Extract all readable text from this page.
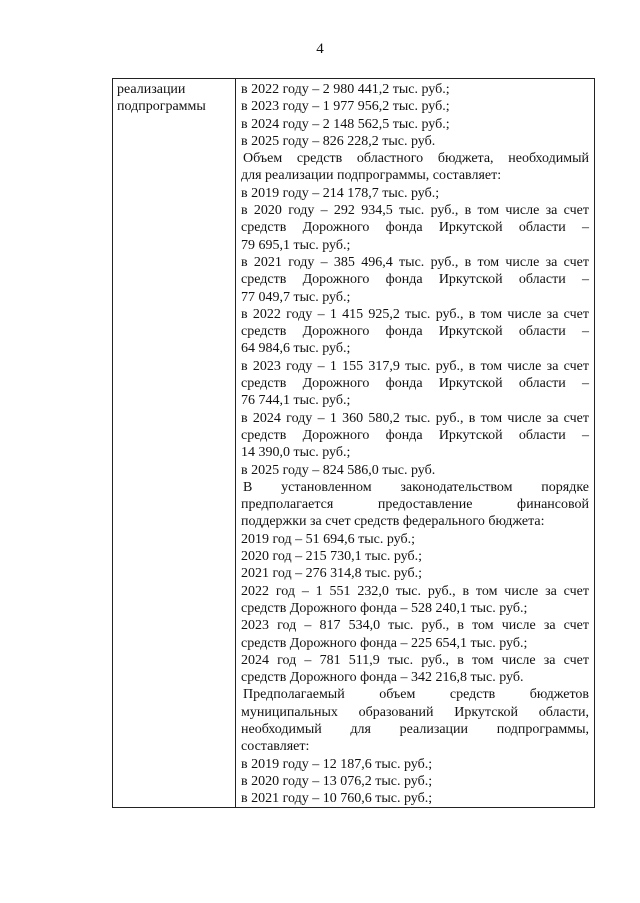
4
реализации
подпрограммы
в 2022 году – 2 980 441,2 тыс. руб.;
в 2023 году – 1 977 956,2 тыс. руб.;
в 2024 году – 2 148 562,5 тыс. руб.;
в 2025 году – 826 228,2 тыс. руб.
Объем средств областного бюджета, необходимый
для реализации подпрограммы, составляет:
в 2019 году – 214 178,7 тыс. руб.;
в 2020 году – 292 934,5 тыс. руб., в том числе за счет
средств Дорожного фонда Иркутской области –
79 695,1 тыс. руб.;
в 2021 году – 385 496,4 тыс. руб., в том числе за счет
средств Дорожного фонда Иркутской области –
77 049,7 тыс. руб.;
в 2022 году – 1 415 925,2 тыс. руб., в том числе за счет
средств Дорожного фонда Иркутской области –
64 984,6 тыс. руб.;
в 2023 году – 1 155 317,9 тыс. руб., в том числе за счет
средств Дорожного фонда Иркутской области –
76 744,1 тыс. руб.;
в 2024 году – 1 360 580,2 тыс. руб., в том числе за счет
средств Дорожного фонда Иркутской области –
14 390,0 тыс. руб.;
в 2025 году – 824 586,0 тыс. руб.
В установленном законодательством порядке
предполагается предоставление финансовой
поддержки за счет средств федерального бюджета:
2019 год – 51 694,6 тыс. руб.;
2020 год – 215 730,1 тыс. руб.;
2021 год – 276 314,8 тыс. руб.;
2022 год – 1 551 232,0 тыс. руб., в том числе за счет
средств Дорожного фонда – 528 240,1 тыс. руб.;
2023 год – 817 534,0 тыс. руб., в том числе за счет
средств Дорожного фонда – 225 654,1 тыс. руб.;
2024 год – 781 511,9 тыс. руб., в том числе за счет
средств Дорожного фонда – 342 216,8 тыс. руб.
Предполагаемый объем средств бюджетов
муниципальных образований Иркутской области,
необходимый для реализации подпрограммы,
составляет:
в 2019 году – 12 187,6 тыс. руб.;
в 2020 году – 13 076,2 тыс. руб.;
в 2021 году – 10 760,6 тыс. руб.;
